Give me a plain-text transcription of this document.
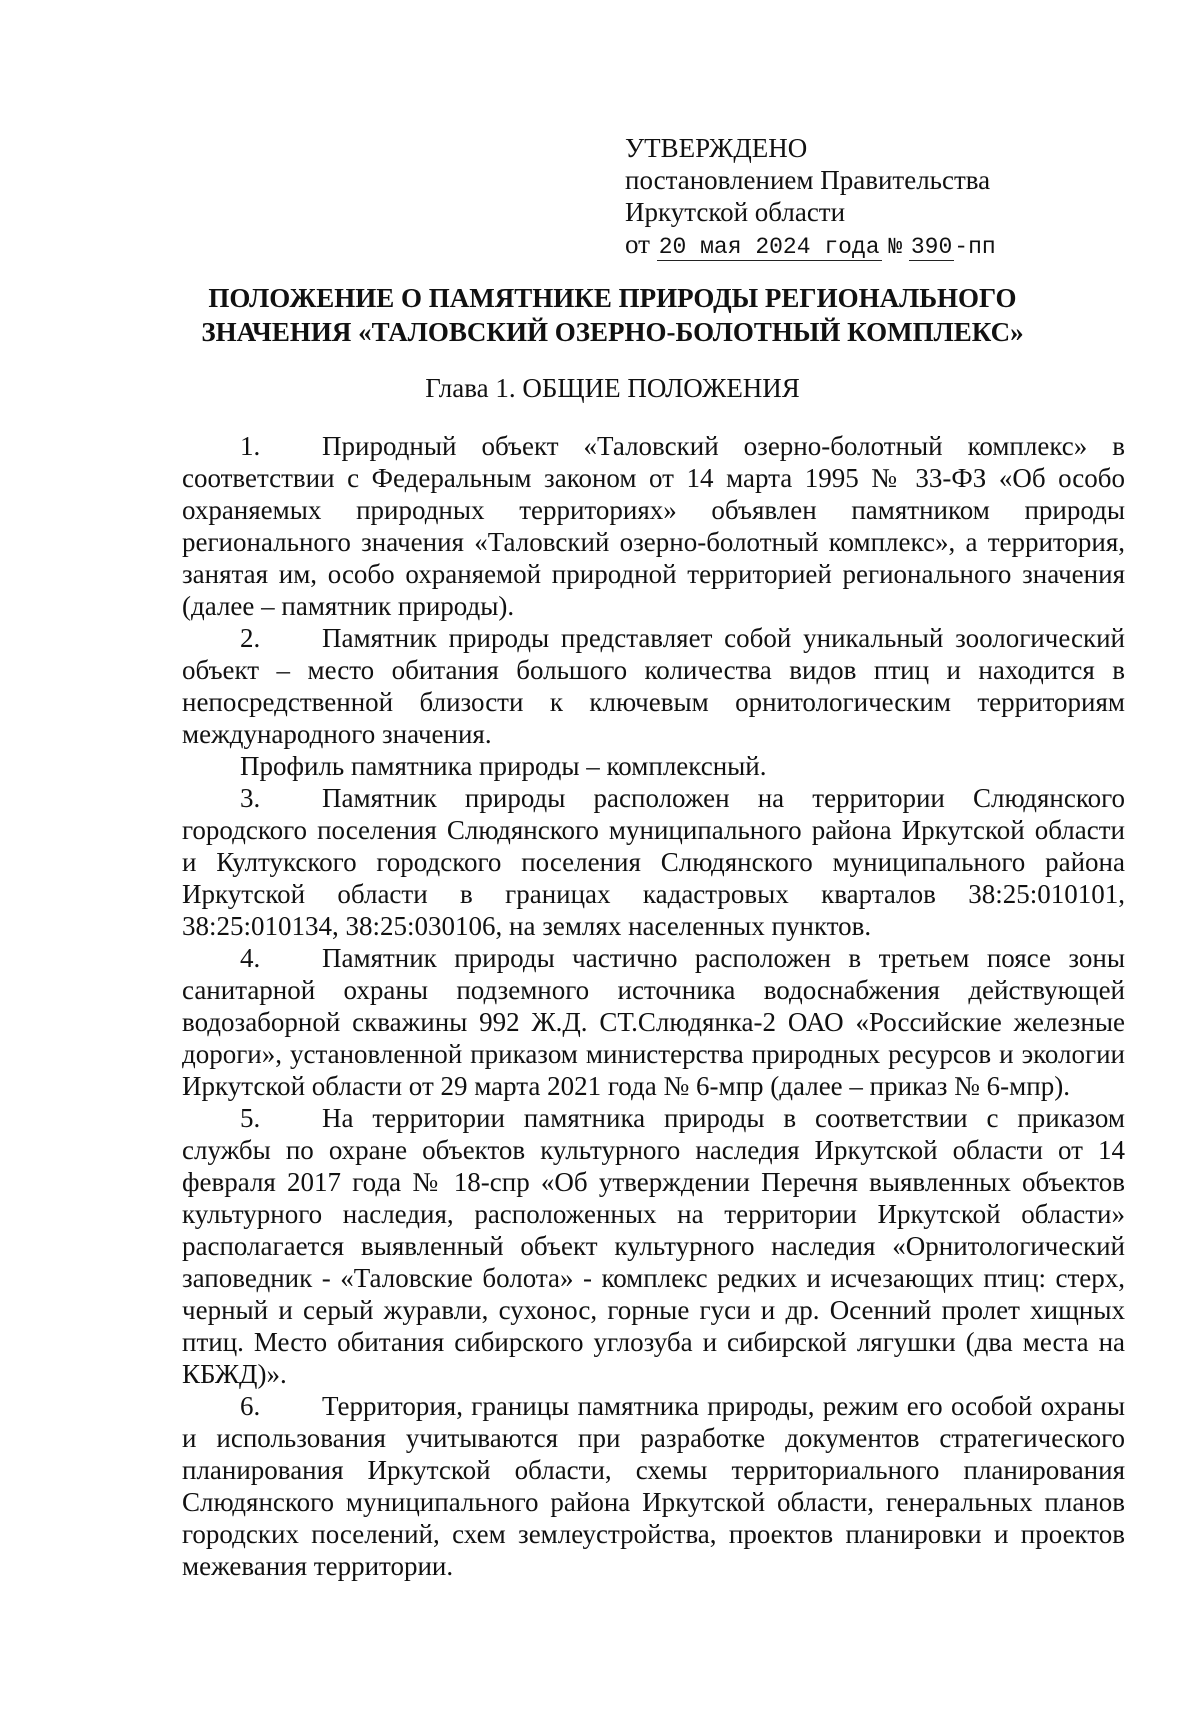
УТВЕРЖДЕНО
постановлением Правительства
Иркутской области
от 20 мая 2024 года № 390-пп
ПОЛОЖЕНИЕ О ПАМЯТНИКЕ ПРИРОДЫ РЕГИОНАЛЬНОГО
ЗНАЧЕНИЯ «ТАЛОВСКИЙ ОЗЕРНО-БОЛОТНЫЙ КОМПЛЕКС»
Глава 1. ОБЩИЕ ПОЛОЖЕНИЯ

1. Природный объект «Таловский озерно-болотный комплекс» в соответствии с Федеральным законом от 14 марта 1995 № 33-ФЗ «Об особо охраняемых природных территориях» объявлен памятником природы регионального значения «Таловский озерно-болотный комплекс», а территория, занятая им, особо охраняемой природной территорией регионального значения (далее – памятник природы).

2. Памятник природы представляет собой уникальный зоологический объект – место обитания большого количества видов птиц и находится в непосредственной близости к ключевым орнитологическим территориям международного значения.

Профиль памятника природы – комплексный.

3. Памятник природы расположен на территории Слюдянского городского поселения Слюдянского муниципального района Иркутской области и Култукского городского поселения Слюдянского муниципального района Иркутской области в границах кадастровых кварталов 38:25:010101, 38:25:010134, 38:25:030106, на землях населенных пунктов.

4. Памятник природы частично расположен в третьем поясе зоны санитарной охраны подземного источника водоснабжения действующей водозаборной скважины 992 Ж.Д. СТ.Слюдянка-2 ОАО «Российские железные дороги», установленной приказом министерства природных ресурсов и экологии Иркутской области от 29 марта 2021 года № 6-мпр (далее – приказ № 6-мпр).

5. На территории памятника природы в соответствии с приказом службы по охране объектов культурного наследия Иркутской области от 14 февраля 2017 года № 18-спр «Об утверждении Перечня выявленных объектов культурного наследия, расположенных на территории Иркутской области» располагается выявленный объект культурного наследия «Орнитологический заповедник - «Таловские болота» - комплекс редких и исчезающих птиц: стерх, черный и серый журавли, сухонос, горные гуси и др. Осенний пролет хищных птиц. Место обитания сибирского углозуба и сибирской лягушки (два места на КБЖД)».

6. Территория, границы памятника природы, режим его особой охраны и использования учитываются при разработке документов стратегического планирования Иркутской области, схемы территориального планирования Слюдянского муниципального района Иркутской области, генеральных планов городских поселений, схем землеустройства, проектов планировки и проектов межевания территории.
